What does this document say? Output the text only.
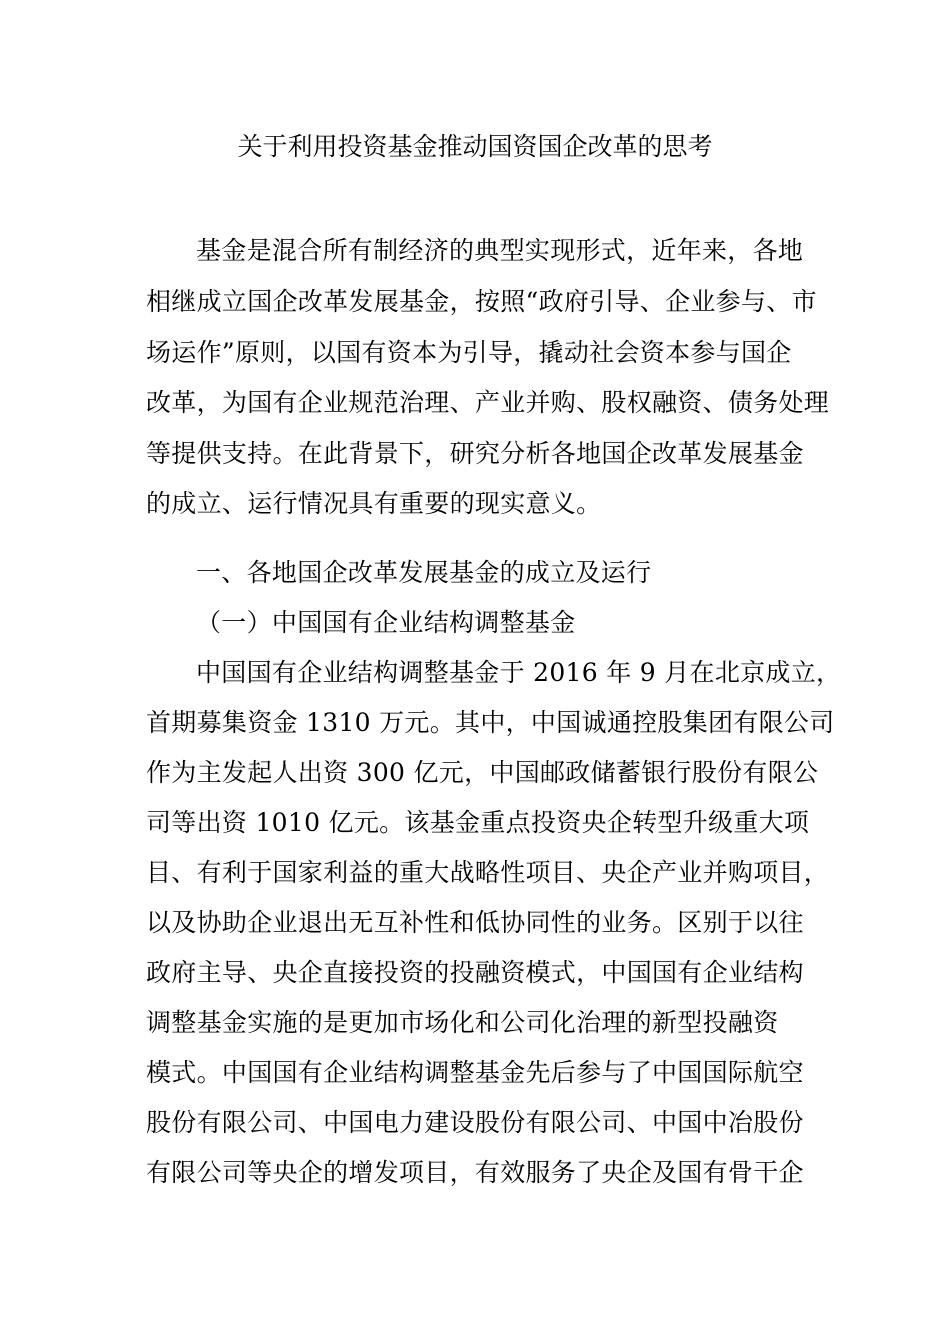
关于利用投资基金推动国资国企改革的思考
基金是混合所有制经济的典型实现形式，近年来，各地
相继成立国企改革发展基金，按照“政府引导、企业参与、市
场运作”原则，以国有资本为引导，撬动社会资本参与国企
改革，为国有企业规范治理、产业并购、股权融资、债务处理
等提供支持。在此背景下，研究分析各地国企改革发展基金
的成立、运行情况具有重要的现实意义。
一、各地国企改革发展基金的成立及运行
（一）中国国有企业结构调整基金
中国国有企业结构调整基金于 2016 年 9 月在北京成立，
首期募集资金 1310 万元。其中，中国诚通控股集团有限公司
作为主发起人出资 300 亿元，中国邮政储蓄银行股份有限公
司等出资 1010 亿元。该基金重点投资央企转型升级重大项
目、有利于国家利益的重大战略性项目、央企产业并购项目，
以及协助企业退出无互补性和低协同性的业务。区别于以往
政府主导、央企直接投资的投融资模式，中国国有企业结构
调整基金实施的是更加市场化和公司化治理的新型投融资
模式。中国国有企业结构调整基金先后参与了中国国际航空
股份有限公司、中国电力建设股份有限公司、中国中冶股份
有限公司等央企的增发项目，有效服务了央企及国有骨干企
